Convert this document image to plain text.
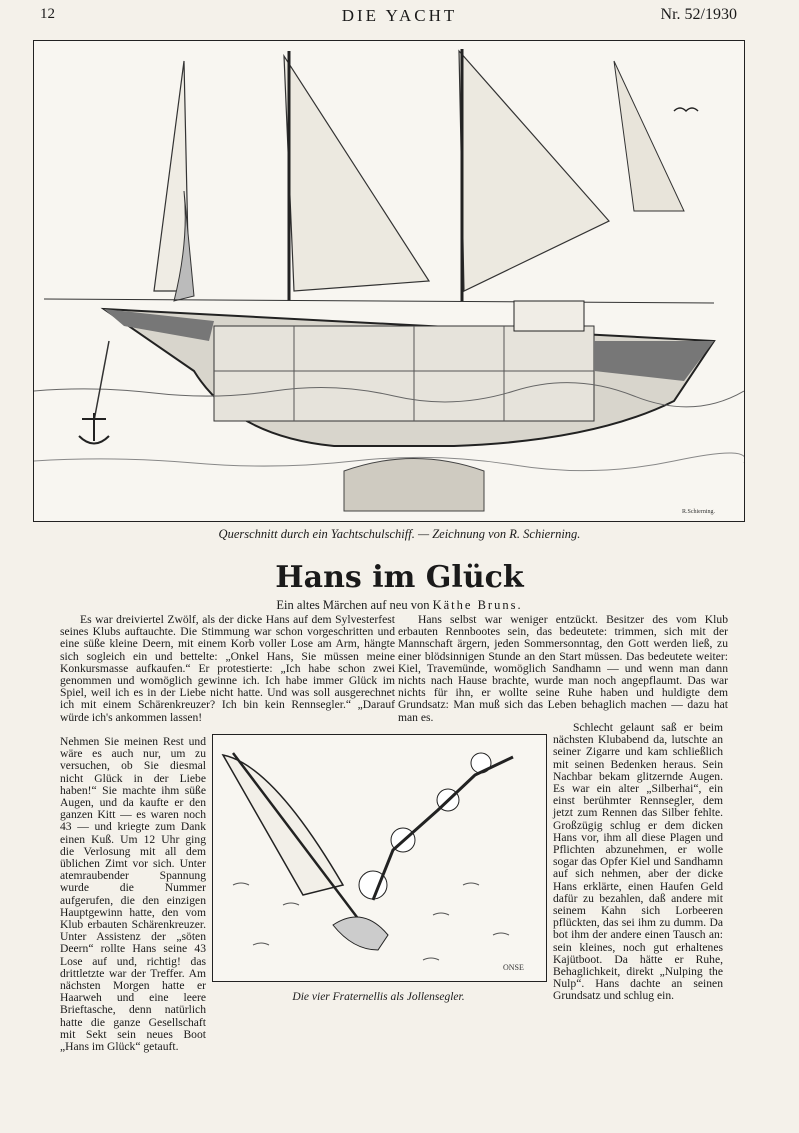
12	DIE YACHT	Nr. 52/1930
R.Schierning.
Querschnitt durch ein Yachtschulschiff. — Zeichnung von R. Schierning.
Hans im Glück
Ein altes Märchen auf neu von Käthe Bruns.

Es war dreiviertel Zwölf, als der dicke Hans auf dem Sylvesterfest seines Klubs auftauchte. Die Stimmung war schon vorgeschritten und eine süße kleine Deern, mit einem Korb voller Lose am Arm, hängte sich sogleich ein und bettelte: „Onkel Hans, Sie müssen meine Konkursmasse aufkaufen.“ Er protestierte: „Ich habe schon zwei genommen und womöglich gewinne ich. Ich habe immer Glück im Spiel, weil ich es in der Liebe nicht hatte. Und was soll ausgerechnet ich mit einem Schärenkreuzer? Ich bin kein Rennsegler.“ „Darauf würde ich's ankommen lassen!

Nehmen Sie meinen Rest und wäre es auch nur, um zu versuchen, ob Sie diesmal nicht Glück in der Liebe haben!“ Sie machte ihm süße Augen, und da kaufte er den ganzen Kitt — es waren noch 43 — und kriegte zum Dank einen Kuß. Um 12 Uhr ging die Verlosung mit all dem üblichen Zimt vor sich. Unter atemraubender Spannung wurde die Nummer aufgerufen, die den einzigen Hauptgewinn hatte, den vom Klub erbauten Schärenkreuzer. Unter Assistenz der „söten Deern“ rollte Hans seine 43 Lose auf und, richtig! das drittletzte war der Treffer. Am nächsten Morgen hatte er Haarweh und eine leere Brieftasche, denn natürlich hatte die ganze Gesellschaft mit Sekt sein neues Boot „Hans im Glück“ getauft.

Hans selbst war weniger entzückt. Besitzer des vom Klub erbauten Rennbootes sein, das bedeutete: trimmen, sich mit der Mannschaft ärgern, jeden Sommersonntag, den Gott werden ließ, zu einer blödsinnigen Stunde an den Start müssen. Das bedeutete weiter: Kiel, Travemünde, womöglich Sandhamn — und wenn man dann nichts nach Hause brachte, wurde man noch angepflaumt. Das war nichts für ihn, er wollte seine Ruhe haben und huldigte dem Grundsatz: Man muß sich das Leben behaglich machen — dazu hat man es.

Schlecht gelaunt saß er beim nächsten Klubabend da, lutschte an seiner Zigarre und kam schließlich mit seinen Bedenken heraus. Sein Nachbar bekam glitzernde Augen. Es war ein alter „Silberhai“, ein einst berühmter Rennsegler, dem jetzt zum Rennen das Silber fehlte. Großzügig schlug er dem dicken Hans vor, ihm all diese Plagen und Pflichten abzunehmen, er wolle sogar das Opfer Kiel und Sandhamn auf sich nehmen, aber der dicke Hans erklärte, einen Haufen Geld dafür zu bezahlen, daß andere mit seinem Kahn sich Lorbeeren pflückten, das sei ihm zu dumm. Da bot ihm der andere einen Tausch an: sein kleines, noch gut erhaltenes Kajütboot. Da hätte er Ruhe, Behaglichkeit, direkt „Nulping the Nulp“. Hans dachte an seinen Grundsatz und schlug ein.

ONSE
Die vier Fraternellis als Jollensegler.
